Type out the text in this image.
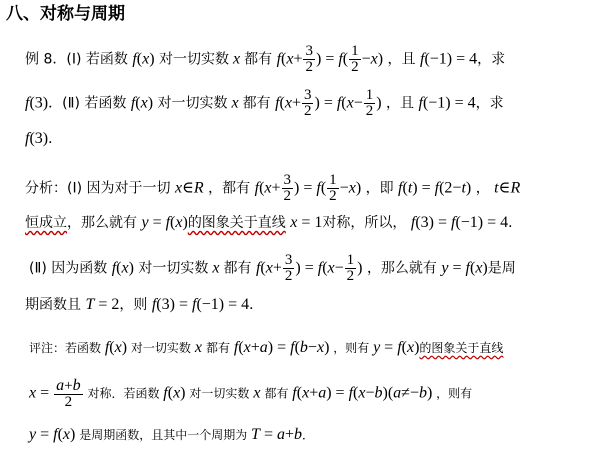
八、对称与周期
例 8．(Ⅰ) 若函数 f(x) 对一切实数 x 都有 $f(x+ \frac{3}{2}$ ) = $f( \frac{1}{2} -x)$ ，且 f(−1) = 4，求
f(3)．(Ⅱ) 若函数 f(x) 对一切实数 x 都有 $f(x+ \frac{3}{2}$ ) = $f(x- \frac{1}{2}$ ) ，且 f(−1) = 4，求
f(3)．
分析：(Ⅰ) 因为对于一切 x∈R ，都有 $f(x+ \frac{3}{2}$ ) = $f( \frac{1}{2} -x)$ ，即 f(t) = f(2−t) ， t∈R
恒成立，那么就有 y = f(x)的图象关于直线 x = 1对称，所以， f(3) = f(−1) = 4．
(Ⅱ) 因为函数 f(x) 对一切实数 x 都有 $f(x+ \frac{3}{2}$ ) = $f(x- \frac{1}{2}$ ) ，那么就有 y = f(x)是周
期函数且 T = 2，则 f(3) = f(−1) = 4．
评注：若函数 f(x) 对一切实数 x 都有 f(x+a) = f(b−x) ，则有 y = f(x)的图象关于直线
$x = \frac{a+b}{2}$ 对称．若函数 f(x) 对一切实数 x 都有 f(x+a) = f(x−b)(a≠−b) ，则有
y = f(x) 是周期函数，且其中一个周期为 T = a+b．
